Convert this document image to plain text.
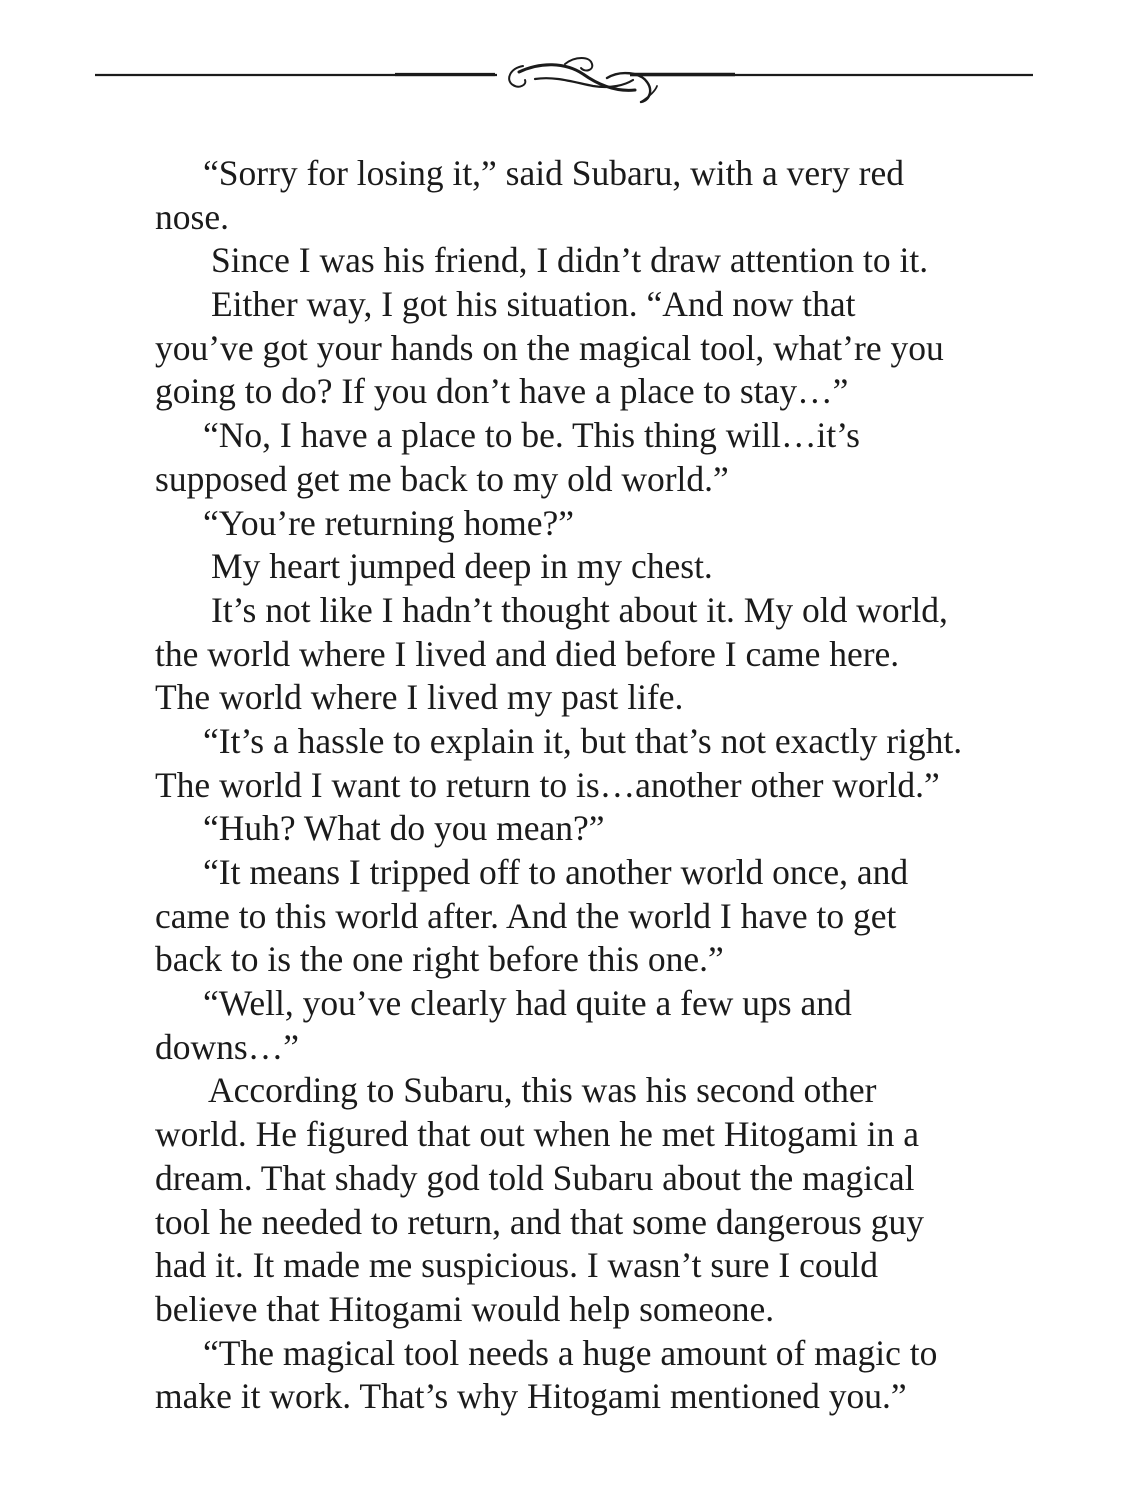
“Sorry for losing it,” said Subaru, with a very red
nose.
Since I was his friend, I didn’t draw attention to it.
Either way, I got his situation. “And now that
you’ve got your hands on the magical tool, what’re you
going to do? If you don’t have a place to stay…”
“No, I have a place to be. This thing will…it’s
supposed get me back to my old world.”
“You’re returning home?”
My heart jumped deep in my chest.
It’s not like I hadn’t thought about it. My old world,
the world where I lived and died before I came here.
The world where I lived my past life.
“It’s a hassle to explain it, but that’s not exactly right.
The world I want to return to is…another other world.”
“Huh? What do you mean?”
“It means I tripped off to another world once, and
came to this world after. And the world I have to get
back to is the one right before this one.”
“Well, you’ve clearly had quite a few ups and
downs…”
According to Subaru, this was his second other
world. He figured that out when he met Hitogami in a
dream. That shady god told Subaru about the magical
tool he needed to return, and that some dangerous guy
had it. It made me suspicious. I wasn’t sure I could
believe that Hitogami would help someone.
“The magical tool needs a huge amount of magic to
make it work. That’s why Hitogami mentioned you.”
